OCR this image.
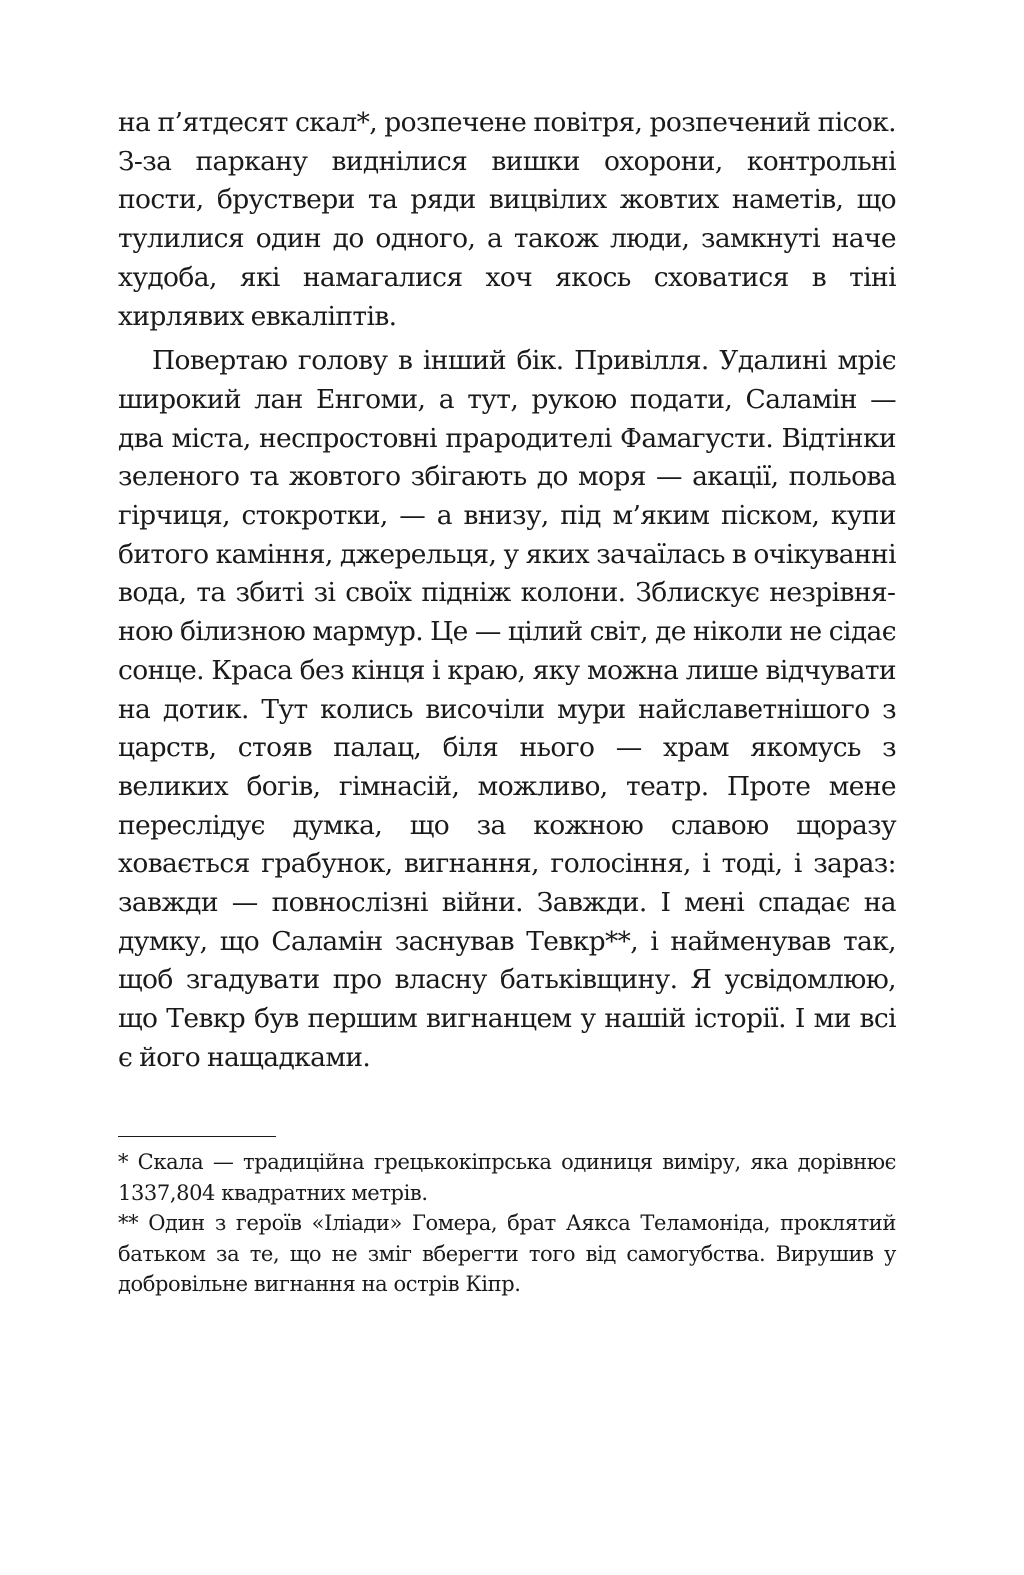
на п’ятдесят скал*, розпечене повітря, розпечений пісок. З-за паркану виднілися вишки охорони, контрольні пости, бруствери та ряди вицвілих жовтих наметів, що тулилися один до одного, а також люди, замкнуті наче худоба, які намагалися хоч якось сховатися в тіні хирлявих евкаліптів.

Повертаю голову в інший бік. Привілля. Удалині мріє широкий лан Енгоми, а тут, рукою подати, Саламін — два міста, неспростовні прародителі Фамагусти. Відтінки зеленого та жовтого збігають до моря — акації, польова гірчиця, стокротки, — а внизу, під м’яким піском, купи битого каміння, джерельця, у яких зачаїлась в очікуванні вода, та збиті зі своїх підніж колони. Зблискує незрівняною білизною мармур. Це — цілий світ, де ніколи не сідає сонце. Краса без кінця і краю, яку можна лише відчувати на дотик. Тут колись височіли мури найславетнішого з царств, стояв палац, біля нього — храм якомусь з великих богів, гімнасій, можливо, театр. Проте мене переслідує думка, що за кожною славою щоразу ховається грабунок, вигнання, голосіння, і тоді, і зараз: завжди — повнослізні війни. Завжди. І мені спадає на думку, що Саламін заснував Тевкр**, і найменував так, щоб згадувати про власну батьківщину. Я усвідомлюю, що Тевкр був першим вигнанцем у нашій історії. І ми всі є його нащадками.

* Скала — традиційна грецькокіпрська одиниця виміру, яка дорівнює 1337,804 квадратних метрів.

** Один з героїв «Іліади» Гомера, брат Аякса Теламоніда, проклятий батьком за те, що не зміг вберегти того від самогубства. Вирушив у добровільне вигнання на острів Кіпр.
